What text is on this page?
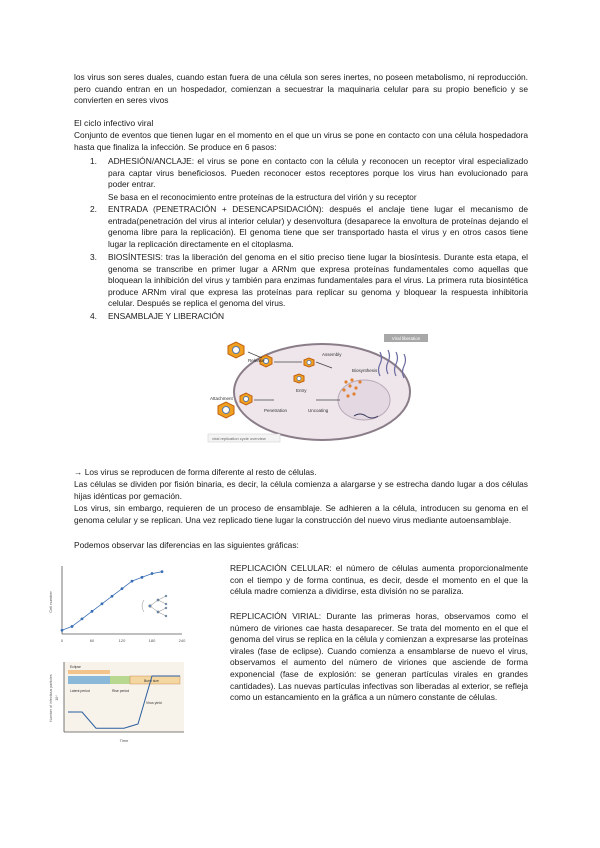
los virus son seres duales, cuando estan fuera de una célula son seres inertes, no poseen metabolismo, ni reproducción. pero cuando entran en un hospedador, comienzan a secuestrar la maquinaria celular para su propio beneficio y se convierten en seres vivos

El ciclo infectivo viral

Conjunto de eventos que tienen lugar en el momento en el que un virus se pone en contacto con una célula hospedadora hasta que finaliza la infección. Se produce en 6 pasos:

1.	ADHESIÓN/ANCLAJE: el virus se pone en contacto con la célula y reconocen un receptor viral especializado para captar virus beneficiosos. Pueden reconocer estos receptores porque los virus han evolucionado para poder entrar.
Se basa en el reconocimiento entre proteínas de la estructura del virión y su receptor
2.	ENTRADA (PENETRACIÓN + DESENCAPSIDACIÓN): después el anclaje tiene lugar el mecanismo de entrada(penetración del virus al interior celular) y desenvoltura (desaparece la envoltura de proteínas dejando el genoma libre para la replicación). El genoma tiene que ser transportado hasta el virus y en otros casos tiene lugar la replicación directamente en el citoplasma.
3.	BIOSÍNTESIS: tras la liberación del genoma en el sitio preciso tiene lugar la biosíntesis. Durante esta etapa, el genoma se transcribe en primer lugar a ARNm que expresa proteínas fundamentales como aquellas que bloquean la inhibición del virus y también para enzimas fundamentales para el virus. La primera ruta biosintética produce ARNm viral que expresa las proteínas para replicar su genoma y bloquear la respuesta inhibitoria celular. Después se replica el genoma del virus.
4.	ENSAMBLAJE Y LIBERACIÓN
Viral liberation
Release
Assembly
Entry
Biosynthesis
Attachment
Penetration	Uncoating
viral replication cycle overview

→ Los virus se reproducen de forma diferente al resto de células.

Las células se dividen por fisión binaria, es decir, la célula comienza a alargarse y se estrecha dando lugar a dos células hijas idénticas por gemación.

Los virus, sin embargo, requieren de un proceso de ensamblaje. Se adhieren a la célula, introducen su genoma en el genoma celular y se replican. Una vez replicado tiene lugar la construcción del nuevo virus mediante autoensamblaje.

Podemos observar las diferencias en las siguientes gráficas:

Cell number
0	60	120	180	240
Number of infectious particles 10⁴
Time
Eclipse
Burst size
Latent period	Rise period
Virus yield

REPLICACIÓN CELULAR: el número de células aumenta proporcionalmente con el tiempo y de forma continua, es decir, desde el momento en el que la célula madre comienza a dividirse, esta división no se paraliza.

REPLICACIÓN VIRIAL: Durante las primeras horas, observamos como el número de viriones cae hasta desaparecer. Se trata del momento en el que el genoma del virus se replica en la célula y comienzan a expresarse las proteínas virales (fase de eclipse). Cuando comienza a ensamblarse de nuevo el virus, observamos el aumento del número de viriones que asciende de forma exponencial (fase de explosión: se generan partículas virales en grandes cantidades). Las nuevas partículas infectivas son liberadas al exterior, se refleja como un estancamiento en la gráfica a un número constante de células.
